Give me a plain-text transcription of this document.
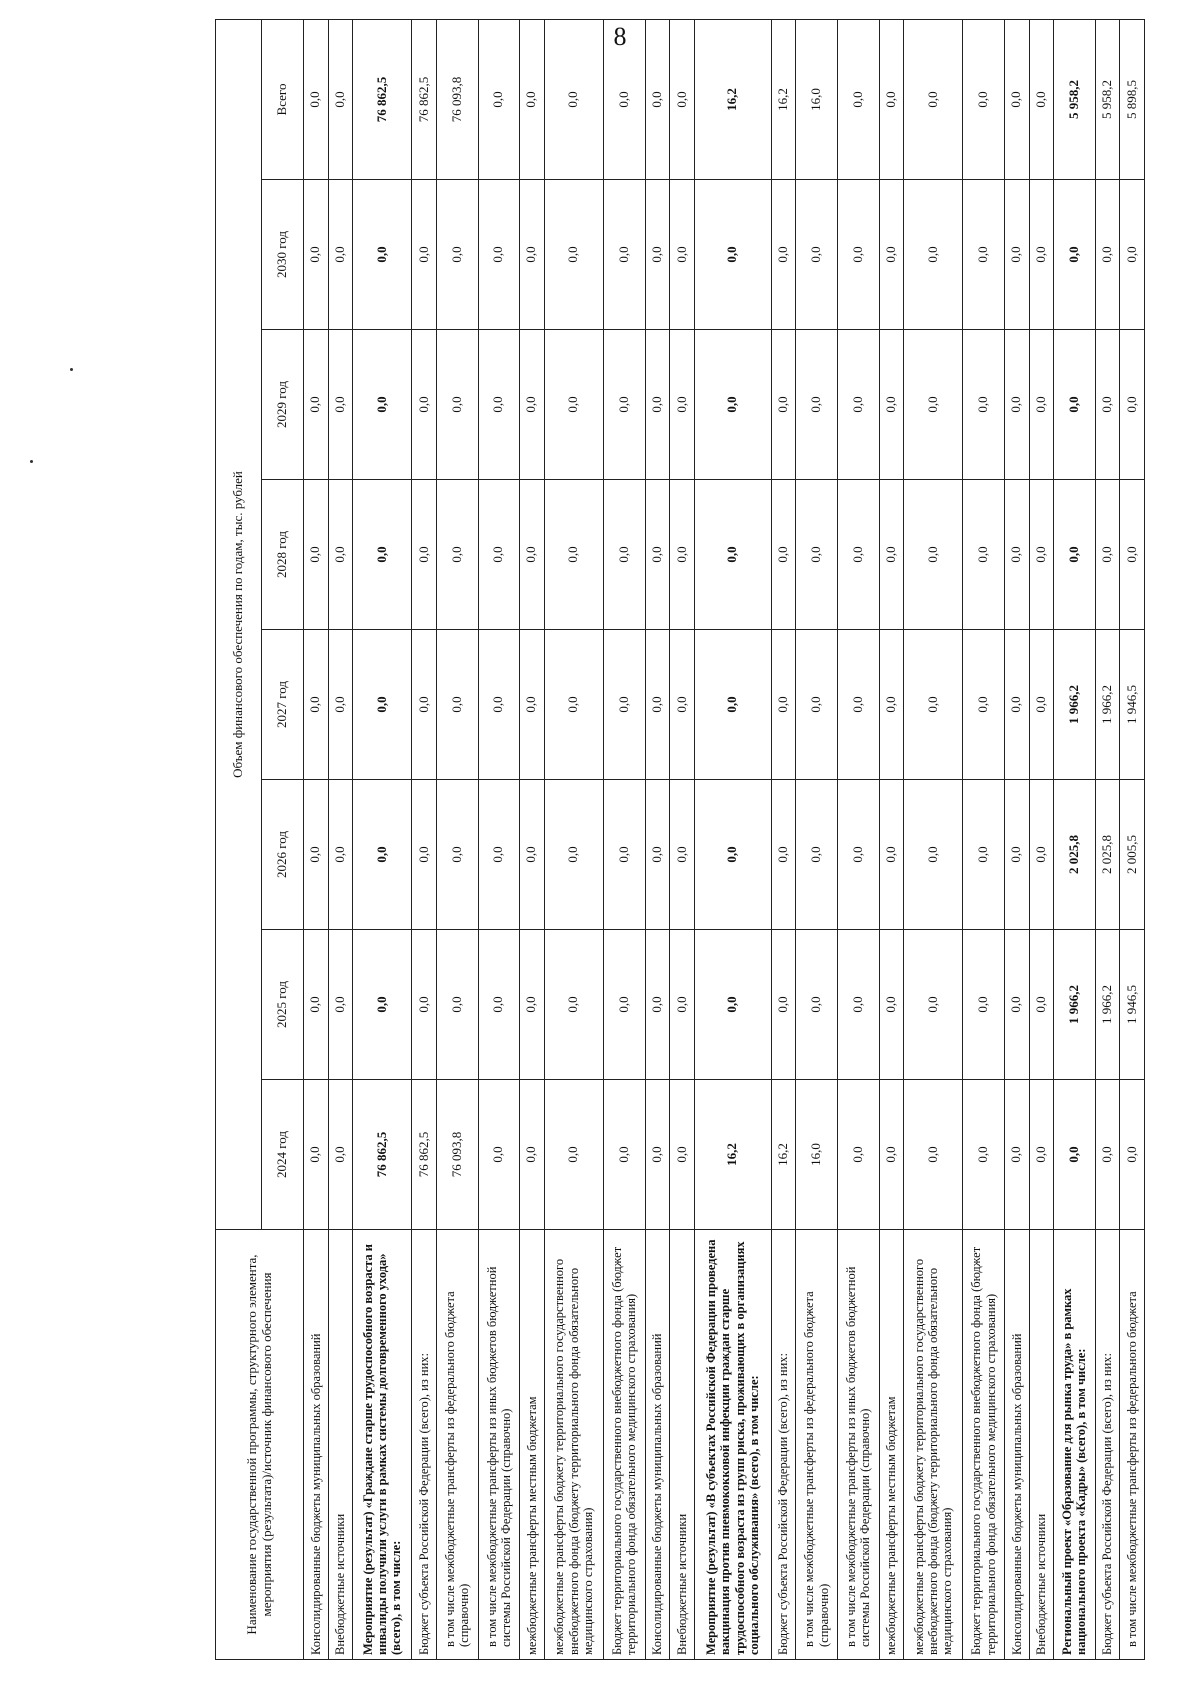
8
Наименование государственной программы, структурного элемента, мероприятия (результата)/источник финансового обеспечения	Объем финансового обеспечения по годам, тыс. рублей							
	2024 год	2025 год	2026 год	2027 год	2028 год	2029 год	2030 год	Всего
Консолидированные бюджеты муниципальных образований	0,0	0,0	0,0	0,0	0,0	0,0	0,0	0,0
Внебюджетные источники	0,0	0,0	0,0	0,0	0,0	0,0	0,0	0,0
Мероприятие (результат) «Граждане старше трудоспособного возраста и инвалиды получили услуги в рамках системы долговременного ухода» (всего), в том числе:	76 862,5	0,0	0,0	0,0	0,0	0,0	0,0	76 862,5
Бюджет субъекта Российской Федерации (всего), из них:	76 862,5	0,0	0,0	0,0	0,0	0,0	0,0	76 862,5
в том числе межбюджетные трансферты из федерального бюджета (справочно)	76 093,8	0,0	0,0	0,0	0,0	0,0	0,0	76 093,8
в том числе межбюджетные трансферты из иных бюджетов бюджетной системы Российской Федерации (справочно)	0,0	0,0	0,0	0,0	0,0	0,0	0,0	0,0
межбюджетные трансферты местным бюджетам	0,0	0,0	0,0	0,0	0,0	0,0	0,0	0,0
межбюджетные трансферты бюджету территориального государственного внебюджетного фонда (бюджету территориального фонда обязательного медицинского страхования)	0,0	0,0	0,0	0,0	0,0	0,0	0,0	0,0
Бюджет территориального государственного внебюджетного фонда (бюджет территориального фонда обязательного медицинского страхования)	0,0	0,0	0,0	0,0	0,0	0,0	0,0	0,0
Консолидированные бюджеты муниципальных образований	0,0	0,0	0,0	0,0	0,0	0,0	0,0	0,0
Внебюджетные источники	0,0	0,0	0,0	0,0	0,0	0,0	0,0	0,0
Мероприятие (результат) «В субъектах Российской Федерации проведена вакцинация против пневмококковой инфекции граждан старше трудоспособного возраста из групп риска, проживающих в организациях социального обслуживания» (всего), в том числе:	16,2	0,0	0,0	0,0	0,0	0,0	0,0	16,2
Бюджет субъекта Российской Федерации (всего), из них:	16,2	0,0	0,0	0,0	0,0	0,0	0,0	16,2
в том числе межбюджетные трансферты из федерального бюджета (справочно)	16,0	0,0	0,0	0,0	0,0	0,0	0,0	16,0
в том числе межбюджетные трансферты из иных бюджетов бюджетной системы Российской Федерации (справочно)	0,0	0,0	0,0	0,0	0,0	0,0	0,0	0,0
межбюджетные трансферты местным бюджетам	0,0	0,0	0,0	0,0	0,0	0,0	0,0	0,0
межбюджетные трансферты бюджету территориального государственного внебюджетного фонда (бюджету территориального фонда обязательного медицинского страхования)	0,0	0,0	0,0	0,0	0,0	0,0	0,0	0,0
Бюджет территориального государственного внебюджетного фонда (бюджет территориального фонда обязательного медицинского страхования)	0,0	0,0	0,0	0,0	0,0	0,0	0,0	0,0
Консолидированные бюджеты муниципальных образований	0,0	0,0	0,0	0,0	0,0	0,0	0,0	0,0
Внебюджетные источники	0,0	0,0	0,0	0,0	0,0	0,0	0,0	0,0
Региональный проект «Образование для рынка труда» в рамках национального проекта «Кадры» (всего), в том числе:	0,0	1 966,2	2 025,8	1 966,2	0,0	0,0	0,0	5 958,2
Бюджет субъекта Российской Федерации (всего), из них:	0,0	1 966,2	2 025,8	1 966,2	0,0	0,0	0,0	5 958,2
в том числе межбюджетные трансферты из федерального бюджета	0,0	1 946,5	2 005,5	1 946,5	0,0	0,0	0,0	5 898,5
